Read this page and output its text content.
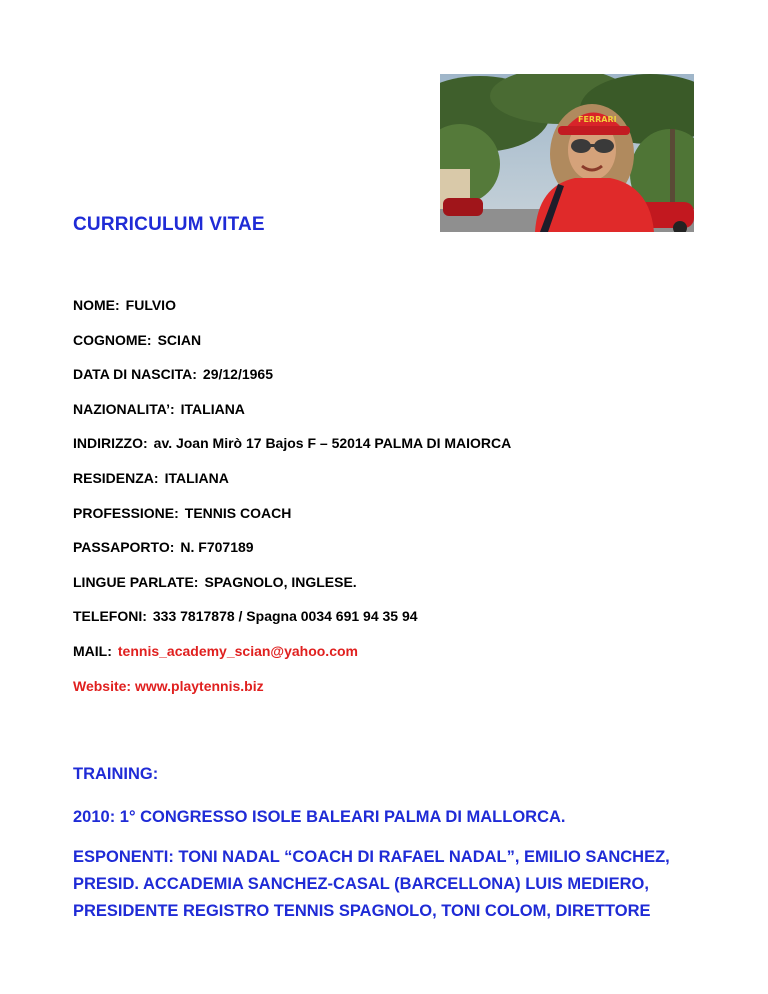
FERRARI
CURRICULUM VITAE
NOME: FULVIO
COGNOME: SCIAN
DATA DI NASCITA: 29/12/1965
NAZIONALITA’: ITALIANA
INDIRIZZO: av. Joan Mirò 17 Bajos F – 52014 PALMA DI MAIORCA
RESIDENZA: ITALIANA
PROFESSIONE: TENNIS COACH
PASSAPORTO: N. F707189
LINGUE PARLATE: SPAGNOLO, INGLESE.
TELEFONI: 333 7817878 / Spagna 0034 691 94 35 94
MAIL: tennis_academy_scian@yahoo.com
Website: www.playtennis.biz
TRAINING:
2010: 1° CONGRESSO ISOLE BALEARI PALMA DI MALLORCA.
ESPONENTI: TONI NADAL “COACH DI RAFAEL NADAL”, EMILIO SANCHEZ, PRESID. ACCADEMIA SANCHEZ-CASAL (BARCELLONA) LUIS MEDIERO, PRESIDENTE REGISTRO TENNIS SPAGNOLO, TONI COLOM, DIRETTORE
